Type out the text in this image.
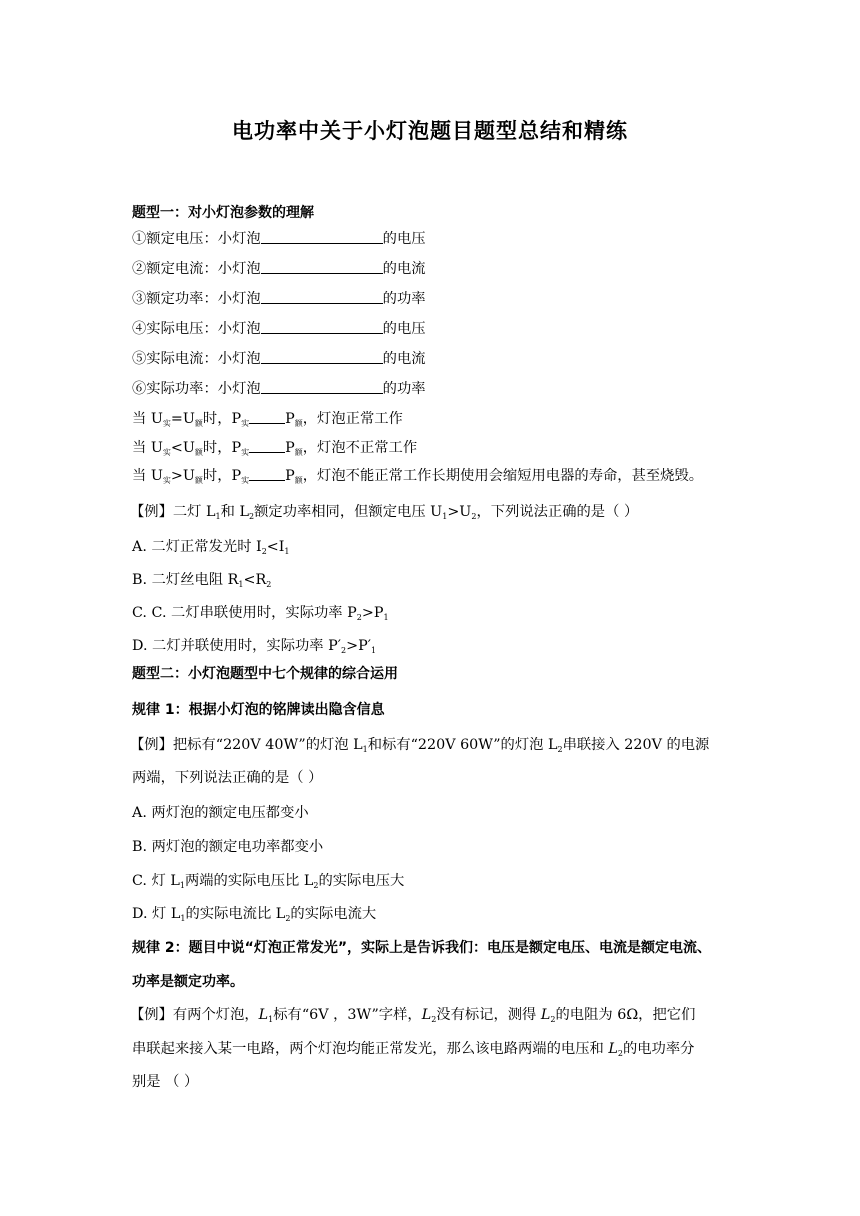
电功率中关于小灯泡题目题型总结和精练
题型一：对小灯泡参数的理解
①额定电压：小灯泡	的电压
②额定电流：小灯泡	的电流
③额定功率：小灯泡	的功率
④实际电压：小灯泡	的电压
⑤实际电流：小灯泡	的电流
⑥实际功率：小灯泡	的功率
当 $U_实=U_额$时，$P_实$	$P_额$，灯泡正常工作
当 $U_实<U_额$时，$P_实$	$P_额$，灯泡不正常工作
当 $U_实>U_额$时，$P_实$	$P_额$，灯泡不能正常工作长期使用会缩短用电器的寿命，甚至烧毁。
【例】二灯 $L_1$和 $L_2$额定功率相同，但额定电压 $U_1>U_2$，下列说法正确的是（ ）
A. 二灯正常发光时 $I_2<I_1$
B. 二灯丝电阻 $R_1<R_2$
C. C. 二灯串联使用时，实际功率 $P_2>P_1$
D. 二灯并联使用时，实际功率 $P'_2>P'_1$
题型二：小灯泡题型中七个规律的综合运用
规律 1：根据小灯泡的铭牌读出隐含信息
【例】把标有“220V 40W”的灯泡 $L_1$和标有“220V 60W”的灯泡 $L_2$串联接入 220V 的电源
两端，下列说法正确的是（ ）
A. 两灯泡的额定电压都变小
B. 两灯泡的额定电功率都变小
C. 灯 $L_1$两端的实际电压比 $L_2$的实际电压大
D. 灯 $L_1$的实际电流比 $L_2$的实际电流大
规律 2：题目中说“灯泡正常发光”，实际上是告诉我们：电压是额定电压、电流是额定电流、
功率是额定功率。
【例】有两个灯泡，$L_1$标有“6V ，3W”字样，$L_2$没有标记，测得 $L_2$的电阻为 6Ω，把它们
串联起来接入某一电路，两个灯泡均能正常发光，那么该电路两端的电压和 $L_2$的电功率分
别是 （ ）
